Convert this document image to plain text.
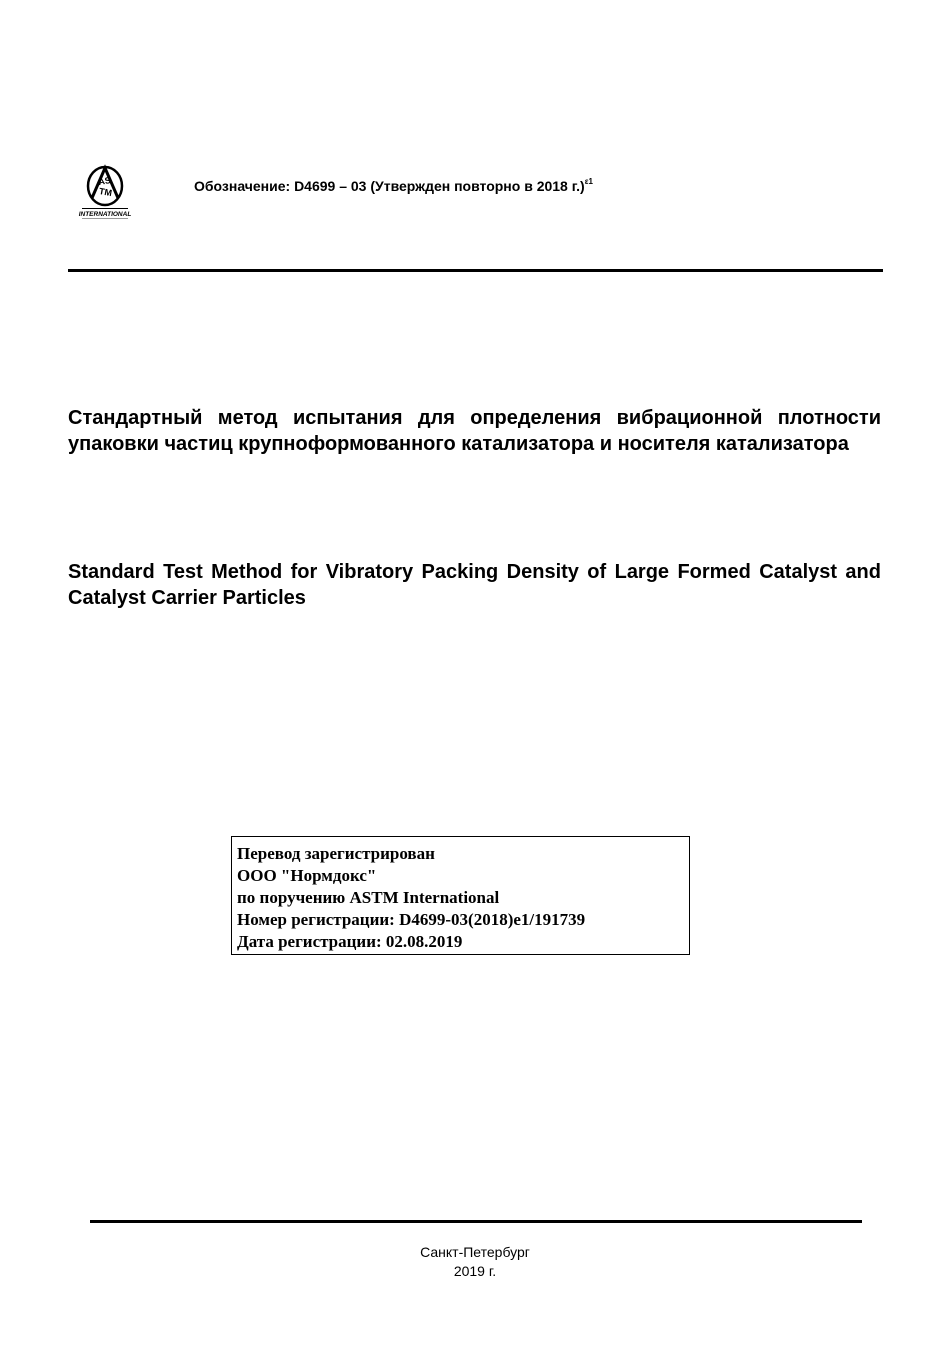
AS
TM
INTERNATIONAL
Обозначение: D4699 – 03 (Утвержден повторно в 2018 г.)$^{\varepsilon 1}$
Стандартный метод испытания для определения вибрационной плотности упаковки частиц крупноформованного катализатора и носителя катализатора
Standard Test Method for Vibratory Packing Density of Large Formed Catalyst and Catalyst Carrier Particles
Перевод зарегистрирован
ООО "Нормдокс"
по поручению ASTM International
Номер регистрации: D4699-03(2018)e1/191739
Дата регистрации: 02.08.2019
Санкт-Петербург
2019 г.
